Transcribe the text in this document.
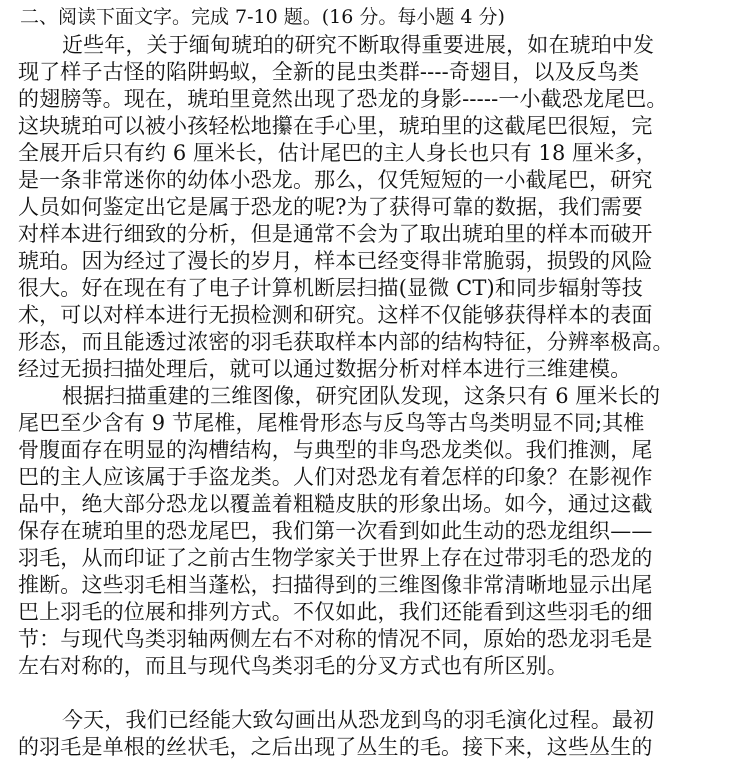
二、阅读下面文字。完成 7-10 题。(16 分。每小题 4 分)
近些年，关于缅甸琥珀的研究不断取得重要进展，如在琥珀中发
现了样子古怪的陷阱蚂蚁，全新的昆虫类群----奇翅目，以及反鸟类
的翅膀等。现在，琥珀里竟然出现了恐龙的身影-----一小截恐龙尾巴。
这块琥珀可以被小孩轻松地攥在手心里，琥珀里的这截尾巴很短，完
全展开后只有约 6 厘米长，估计尾巴的主人身长也只有 18 厘米多，
是一条非常迷你的幼体小恐龙。那么，仅凭短短的一小截尾巴，研究
人员如何鉴定出它是属于恐龙的呢?为了获得可靠的数据，我们需要
对样本进行细致的分析，但是通常不会为了取出琥珀里的样本而破开
琥珀。因为经过了漫长的岁月，样本已经变得非常脆弱，损毁的风险
很大。好在现在有了电子计算机断层扫描(显微 CT)和同步辐射等技
术，可以对样本进行无损检测和研究。这样不仅能够获得样本的表面
形态，而且能透过浓密的羽毛获取样本内部的结构特征，分辨率极高。
经过无损扫描处理后，就可以通过数据分析对样本进行三维建模。
根据扫描重建的三维图像，研究团队发现，这条只有 6 厘米长的
尾巴至少含有 9 节尾椎，尾椎骨形态与反鸟等古鸟类明显不同;其椎
骨腹面存在明显的沟槽结构，与典型的非鸟恐龙类似。我们推测，尾
巴的主人应该属于手盗龙类。人们对恐龙有着怎样的印象？在影视作
品中，绝大部分恐龙以覆盖着粗糙皮肤的形象出场。如今，通过这截
保存在琥珀里的恐龙尾巴，我们第一次看到如此生动的恐龙组织——
羽毛，从而印证了之前古生物学家关于世界上存在过带羽毛的恐龙的
推断。这些羽毛相当蓬松，扫描得到的三维图像非常清晰地显示出尾
巴上羽毛的位展和排列方式。不仅如此，我们还能看到这些羽毛的细
节：与现代鸟类羽轴两侧左右不对称的情况不同，原始的恐龙羽毛是
左右对称的，而且与现代鸟类羽毛的分叉方式也有所区别。
今天，我们已经能大致勾画出从恐龙到鸟的羽毛演化过程。最初
的羽毛是单根的丝状毛，之后出现了丛生的毛。接下来，这些丛生的
